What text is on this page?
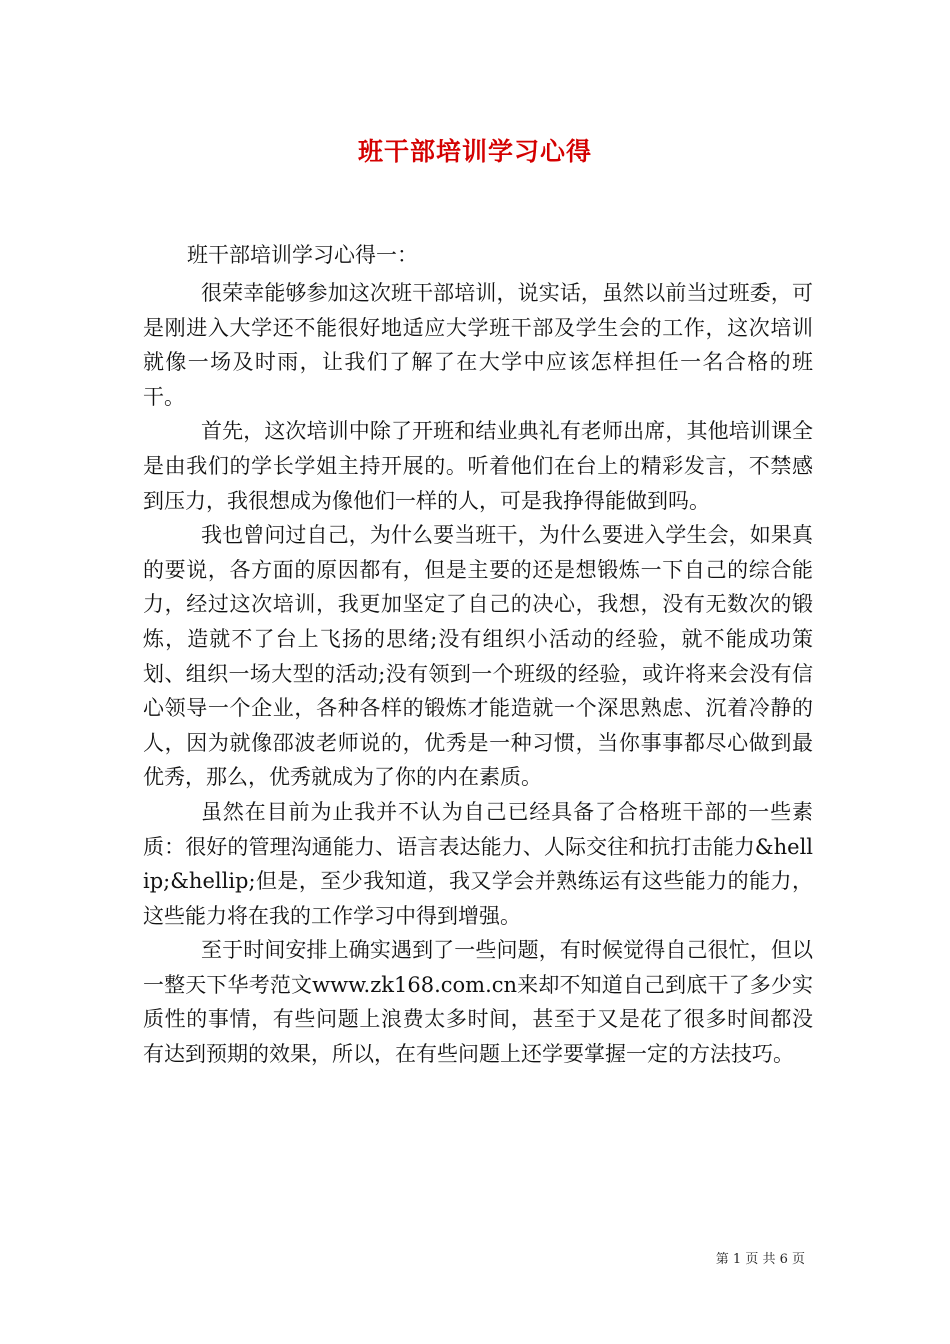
班干部培训学习心得

班干部培训学习心得一：

很荣幸能够参加这次班干部培训，说实话，虽然以前当过班委，可是刚进入大学还不能很好地适应大学班干部及学生会的工作，这次培训就像一场及时雨，让我们了解了在大学中应该怎样担任一名合格的班干。

首先，这次培训中除了开班和结业典礼有老师出席，其他培训课全是由我们的学长学姐主持开展的。听着他们在台上的精彩发言，不禁感到压力，我很想成为像他们一样的人，可是我挣得能做到吗。

我也曾问过自己，为什么要当班干，为什么要进入学生会，如果真的要说，各方面的原因都有，但是主要的还是想锻炼一下自己的综合能力，经过这次培训，我更加坚定了自己的决心，我想，没有无数次的锻炼，造就不了台上飞扬的思绪;没有组织小活动的经验，就不能成功策划、组织一场大型的活动;没有领到一个班级的经验，或许将来会没有信心领导一个企业，各种各样的锻炼才能造就一个深思熟虑、沉着冷静的人，因为就像邵波老师说的，优秀是一种习惯，当你事事都尽心做到最优秀，那么，优秀就成为了你的内在素质。

虽然在目前为止我并不认为自己已经具备了合格班干部的一些素质：很好的管理沟通能力、语言表达能力、人际交往和抗打击能力&hellip;&hellip;但是，至少我知道，我又学会并熟练运有这些能力的能力，这些能力将在我的工作学习中得到增强。

至于时间安排上确实遇到了一些问题，有时候觉得自己很忙，但以一整天下华考范文www.zk168.com.cn来却不知道自己到底干了多少实质性的事情，有些问题上浪费太多时间，甚至于又是花了很多时间都没有达到预期的效果，所以，在有些问题上还学要掌握一定的方法技巧。

第 1 页 共 6 页
